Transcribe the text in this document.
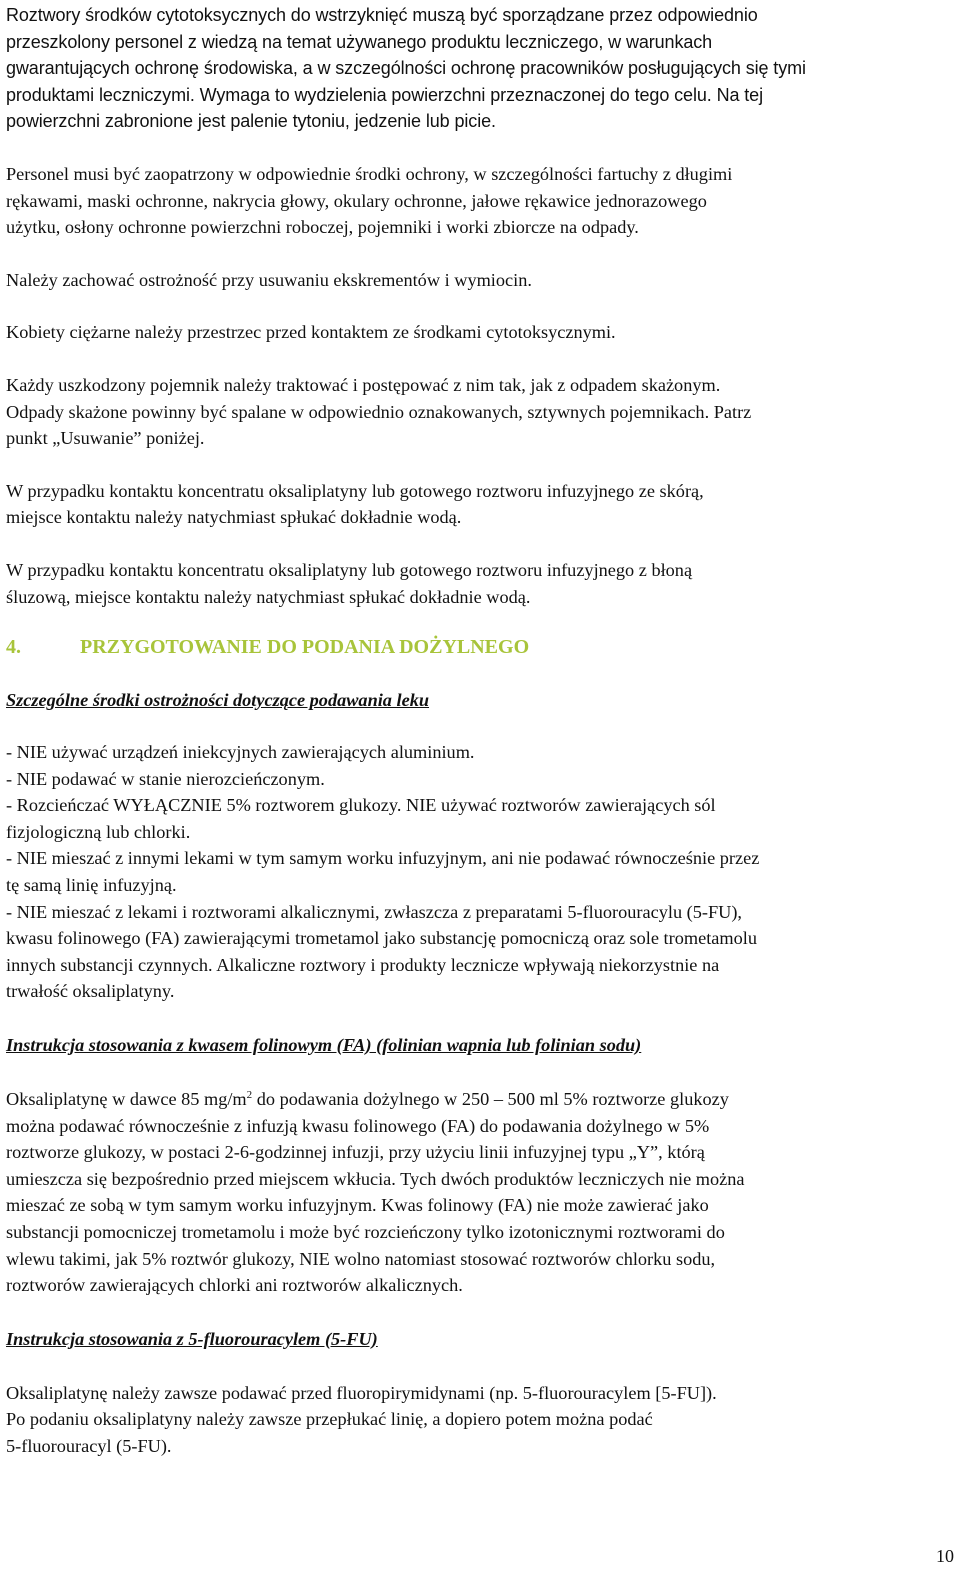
Roztwory środków cytotoksycznych do wstrzyknięć muszą być sporządzane przez odpowiednio
przeszkolony personel z wiedzą na temat używanego produktu leczniczego, w warunkach
gwarantujących ochronę środowiska, a w szczególności ochronę pracowników posługujących się tymi
produktami leczniczymi. Wymaga to wydzielenia powierzchni przeznaczonej do tego celu. Na tej
powierzchni zabronione jest palenie tytoniu, jedzenie lub picie.
Personel musi być zaopatrzony w odpowiednie środki ochrony, w szczególności fartuchy z długimi
rękawami, maski ochronne, nakrycia głowy, okulary ochronne, jałowe rękawice jednorazowego
użytku, osłony ochronne powierzchni roboczej, pojemniki i worki zbiorcze na odpady.
Należy zachować ostrożność przy usuwaniu ekskrementów i wymiocin.
Kobiety ciężarne należy przestrzec przed kontaktem ze środkami cytotoksycznymi.
Każdy uszkodzony pojemnik należy traktować i postępować z nim tak, jak z odpadem skażonym.
Odpady skażone powinny być spalane w odpowiednio oznakowanych, sztywnych pojemnikach. Patrz
punkt „Usuwanie” poniżej.
W przypadku kontaktu koncentratu oksaliplatyny lub gotowego roztworu infuzyjnego ze skórą,
miejsce kontaktu należy natychmiast spłukać dokładnie wodą.
W przypadku kontaktu koncentratu oksaliplatyny lub gotowego roztworu infuzyjnego z błoną
śluzową, miejsce kontaktu należy natychmiast spłukać dokładnie wodą.
4.	PRZYGOTOWANIE DO PODANIA DOŻYLNEGO
Szczególne środki ostrożności dotyczące podawania leku
- NIE używać urządzeń iniekcyjnych zawierających aluminium.
- NIE podawać w stanie nierozcieńczonym.
- Rozcieńczać WYŁĄCZNIE 5% roztworem glukozy. NIE używać roztworów zawierających sól
fizjologiczną lub chlorki.
- NIE mieszać z innymi lekami w tym samym worku infuzyjnym, ani nie podawać równocześnie przez
tę samą linię infuzyjną.
- NIE mieszać z lekami i roztworami alkalicznymi, zwłaszcza z preparatami 5-fluorouracylu (5-FU),
kwasu folinowego (FA) zawierającymi trometamol jako substancję pomocniczą oraz sole trometamolu
innych substancji czynnych. Alkaliczne roztwory i produkty lecznicze wpływają niekorzystnie na
trwałość oksaliplatyny.
Instrukcja stosowania z kwasem folinowym (FA) (folinian wapnia lub folinian sodu)
Oksaliplatynę w dawce 85 $mg/m^2$ do podawania dożylnego w 250 – 500 ml 5% roztworze glukozy
można podawać równocześnie z infuzją kwasu folinowego (FA) do podawania dożylnego w 5%
roztworze glukozy, w postaci 2-6-godzinnej infuzji, przy użyciu linii infuzyjnej typu „Y”, którą
umieszcza się bezpośrednio przed miejscem wkłucia. Tych dwóch produktów leczniczych nie można
mieszać ze sobą w tym samym worku infuzyjnym. Kwas folinowy (FA) nie może zawierać jako
substancji pomocniczej trometamolu i może być rozcieńczony tylko izotonicznymi roztworami do
wlewu takimi, jak 5% roztwór glukozy, NIE wolno natomiast stosować roztworów chlorku sodu,
roztworów zawierających chlorki ani roztworów alkalicznych.
Instrukcja stosowania z 5-fluorouracylem (5-FU)
Oksaliplatynę należy zawsze podawać przed fluoropirymidynami (np. 5-fluorouracylem [5-FU]).
Po podaniu oksaliplatyny należy zawsze przepłukać linię, a dopiero potem można podać
5-fluorouracyl (5-FU).
10
